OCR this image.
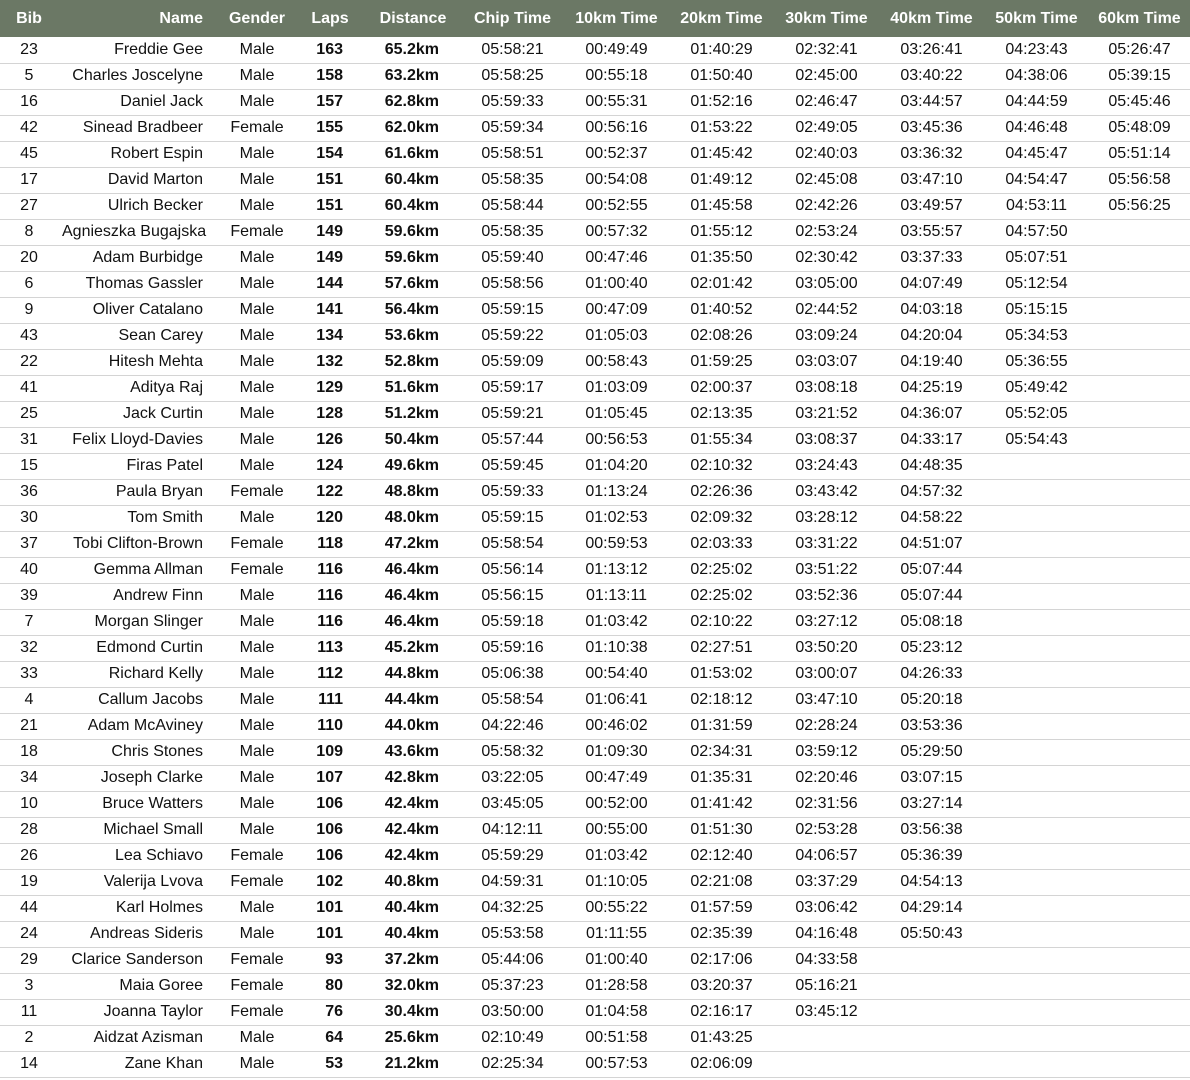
Bib	Name	Gender	Laps	Distance	Chip Time	10km Time	20km Time	30km Time	40km Time	50km Time	60km Time
23	Freddie Gee	Male	163	65.2km	05:58:21	00:49:49	01:40:29	02:32:41	03:26:41	04:23:43	05:26:47
5	Charles Joscelyne	Male	158	63.2km	05:58:25	00:55:18	01:50:40	02:45:00	03:40:22	04:38:06	05:39:15
16	Daniel Jack	Male	157	62.8km	05:59:33	00:55:31	01:52:16	02:46:47	03:44:57	04:44:59	05:45:46
42	Sinead Bradbeer	Female	155	62.0km	05:59:34	00:56:16	01:53:22	02:49:05	03:45:36	04:46:48	05:48:09
45	Robert Espin	Male	154	61.6km	05:58:51	00:52:37	01:45:42	02:40:03	03:36:32	04:45:47	05:51:14
17	David Marton	Male	151	60.4km	05:58:35	00:54:08	01:49:12	02:45:08	03:47:10	04:54:47	05:56:58
27	Ulrich Becker	Male	151	60.4km	05:58:44	00:52:55	01:45:58	02:42:26	03:49:57	04:53:11	05:56:25
8	Agnieszka Bugajska	Female	149	59.6km	05:58:35	00:57:32	01:55:12	02:53:24	03:55:57	04:57:50	
20	Adam Burbidge	Male	149	59.6km	05:59:40	00:47:46	01:35:50	02:30:42	03:37:33	05:07:51	
6	Thomas Gassler	Male	144	57.6km	05:58:56	01:00:40	02:01:42	03:05:00	04:07:49	05:12:54	
9	Oliver Catalano	Male	141	56.4km	05:59:15	00:47:09	01:40:52	02:44:52	04:03:18	05:15:15	
43	Sean Carey	Male	134	53.6km	05:59:22	01:05:03	02:08:26	03:09:24	04:20:04	05:34:53	
22	Hitesh Mehta	Male	132	52.8km	05:59:09	00:58:43	01:59:25	03:03:07	04:19:40	05:36:55	
41	Aditya Raj	Male	129	51.6km	05:59:17	01:03:09	02:00:37	03:08:18	04:25:19	05:49:42	
25	Jack Curtin	Male	128	51.2km	05:59:21	01:05:45	02:13:35	03:21:52	04:36:07	05:52:05	
31	Felix Lloyd-Davies	Male	126	50.4km	05:57:44	00:56:53	01:55:34	03:08:37	04:33:17	05:54:43	
15	Firas Patel	Male	124	49.6km	05:59:45	01:04:20	02:10:32	03:24:43	04:48:35		
36	Paula Bryan	Female	122	48.8km	05:59:33	01:13:24	02:26:36	03:43:42	04:57:32		
30	Tom Smith	Male	120	48.0km	05:59:15	01:02:53	02:09:32	03:28:12	04:58:22		
37	Tobi Clifton-Brown	Female	118	47.2km	05:58:54	00:59:53	02:03:33	03:31:22	04:51:07		
40	Gemma Allman	Female	116	46.4km	05:56:14	01:13:12	02:25:02	03:51:22	05:07:44		
39	Andrew Finn	Male	116	46.4km	05:56:15	01:13:11	02:25:02	03:52:36	05:07:44		
7	Morgan Slinger	Male	116	46.4km	05:59:18	01:03:42	02:10:22	03:27:12	05:08:18		
32	Edmond Curtin	Male	113	45.2km	05:59:16	01:10:38	02:27:51	03:50:20	05:23:12		
33	Richard Kelly	Male	112	44.8km	05:06:38	00:54:40	01:53:02	03:00:07	04:26:33		
4	Callum Jacobs	Male	111	44.4km	05:58:54	01:06:41	02:18:12	03:47:10	05:20:18		
21	Adam McAviney	Male	110	44.0km	04:22:46	00:46:02	01:31:59	02:28:24	03:53:36		
18	Chris Stones	Male	109	43.6km	05:58:32	01:09:30	02:34:31	03:59:12	05:29:50		
34	Joseph Clarke	Male	107	42.8km	03:22:05	00:47:49	01:35:31	02:20:46	03:07:15		
10	Bruce Watters	Male	106	42.4km	03:45:05	00:52:00	01:41:42	02:31:56	03:27:14		
28	Michael Small	Male	106	42.4km	04:12:11	00:55:00	01:51:30	02:53:28	03:56:38		
26	Lea Schiavo	Female	106	42.4km	05:59:29	01:03:42	02:12:40	04:06:57	05:36:39		
19	Valerija Lvova	Female	102	40.8km	04:59:31	01:10:05	02:21:08	03:37:29	04:54:13		
44	Karl Holmes	Male	101	40.4km	04:32:25	00:55:22	01:57:59	03:06:42	04:29:14		
24	Andreas Sideris	Male	101	40.4km	05:53:58	01:11:55	02:35:39	04:16:48	05:50:43		
29	Clarice Sanderson	Female	93	37.2km	05:44:06	01:00:40	02:17:06	04:33:58			
3	Maia Goree	Female	80	32.0km	05:37:23	01:28:58	03:20:37	05:16:21			
11	Joanna Taylor	Female	76	30.4km	03:50:00	01:04:58	02:16:17	03:45:12			
2	Aidzat Azisman	Male	64	25.6km	02:10:49	00:51:58	01:43:25				
14	Zane Khan	Male	53	21.2km	02:25:34	00:57:53	02:06:09				
